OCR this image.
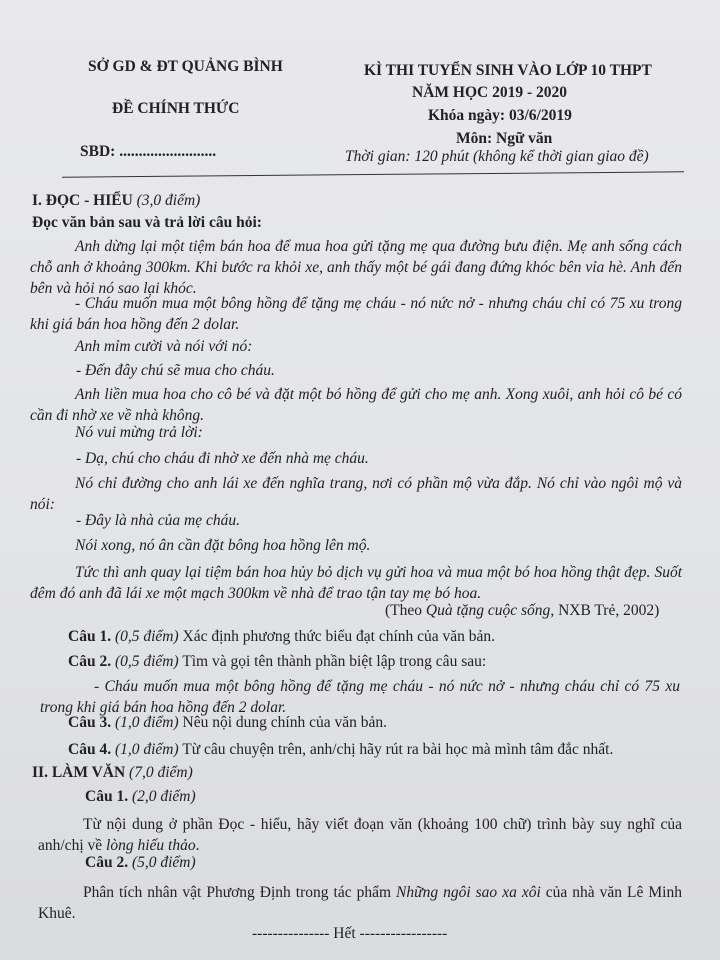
SỞ GD & ĐT QUẢNG BÌNH
ĐỀ CHÍNH THỨC
SBD: .........................
KÌ THI TUYỂN SINH VÀO LỚP 10 THPT
NĂM HỌC 2019 - 2020
Khóa ngày: 03/6/2019
Môn: Ngữ văn
Thời gian: 120 phút (không kể thời gian giao đề)
I. ĐỌC - HIỂU (3,0 điểm)
Đọc văn bản sau và trả lời câu hỏi:
Anh dừng lại một tiệm bán hoa để mua hoa gửi tặng mẹ qua đường bưu điện. Mẹ anh sống cách chỗ anh ở khoảng 300km. Khi bước ra khỏi xe, anh thấy một bé gái đang đứng khóc bên vỉa hè. Anh đến bên và hỏi nó sao lại khóc.
- Cháu muốn mua một bông hồng để tặng mẹ cháu - nó nức nở - nhưng cháu chỉ có 75 xu trong khi giá bán hoa hồng đến 2 dolar.
Anh mỉm cười và nói với nó:
- Đến đây chú sẽ mua cho cháu.
Anh liền mua hoa cho cô bé và đặt một bó hồng để gửi cho mẹ anh. Xong xuôi, anh hỏi cô bé có cần đi nhờ xe về nhà không.
Nó vui mừng trả lời:
- Dạ, chú cho cháu đi nhờ xe đến nhà mẹ cháu.
Nó chỉ đường cho anh lái xe đến nghĩa trang, nơi có phần mộ vừa đắp. Nó chỉ vào ngôi mộ và nói:
- Đây là nhà của mẹ cháu.
Nói xong, nó ân cần đặt bông hoa hồng lên mộ.
Tức thì anh quay lại tiệm bán hoa hủy bỏ dịch vụ gửi hoa và mua một bó hoa hồng thật đẹp. Suốt đêm đó anh đã lái xe một mạch 300km về nhà để trao tận tay mẹ bó hoa.
(Theo Quà tặng cuộc sống, NXB Trẻ, 2002)
Câu 1. (0,5 điểm) Xác định phương thức biểu đạt chính của văn bản.
Câu 2. (0,5 điểm) Tìm và gọi tên thành phần biệt lập trong câu sau:
- Cháu muốn mua một bông hồng để tặng mẹ cháu - nó nức nở - nhưng cháu chỉ có 75 xu trong khi giá bán hoa hồng đến 2 dolar.
Câu 3. (1,0 điểm) Nêu nội dung chính của văn bản.
Câu 4. (1,0 điểm) Từ câu chuyện trên, anh/chị hãy rút ra bài học mà mình tâm đắc nhất.
II. LÀM VĂN (7,0 điểm)
Câu 1. (2,0 điểm)
Từ nội dung ở phần Đọc - hiểu, hãy viết đoạn văn (khoảng 100 chữ) trình bày suy nghĩ của anh/chị về lòng hiếu thảo.
Câu 2. (5,0 điểm)
Phân tích nhân vật Phương Định trong tác phẩm Những ngôi sao xa xôi của nhà văn Lê Minh Khuê.
--------------- Hết -----------------
